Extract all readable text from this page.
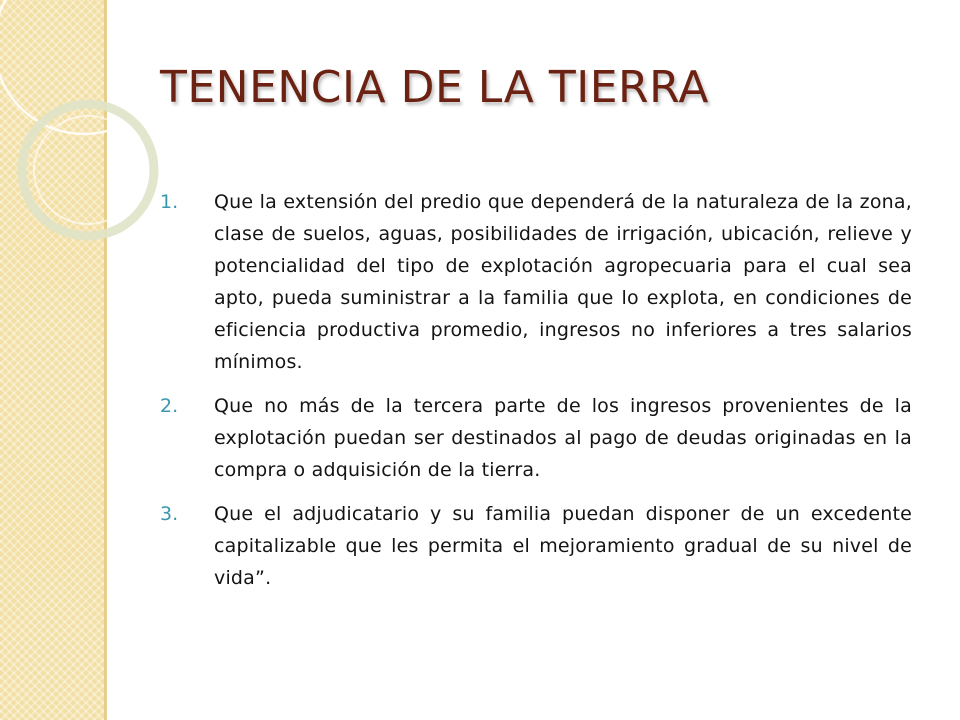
TENENCIA DE LA TIERRA
1.	Que la extensión del predio que dependerá de la naturaleza de la zona, clase de suelos, aguas, posibilidades de irrigación, ubicación, relieve y potencialidad del tipo de explotación agropecuaria para el cual sea apto, pueda suministrar a la familia que lo explota, en condiciones de eficiencia productiva promedio, ingresos no inferiores a tres salarios mínimos.
2.	Que no más de la tercera parte de los ingresos provenientes de la explotación puedan ser destinados al pago de deudas originadas en la compra o adquisición de la tierra.
3.	Que el adjudicatario y su familia puedan disponer de un excedente capitalizable que les permita el mejoramiento gradual de su nivel de vida”.
